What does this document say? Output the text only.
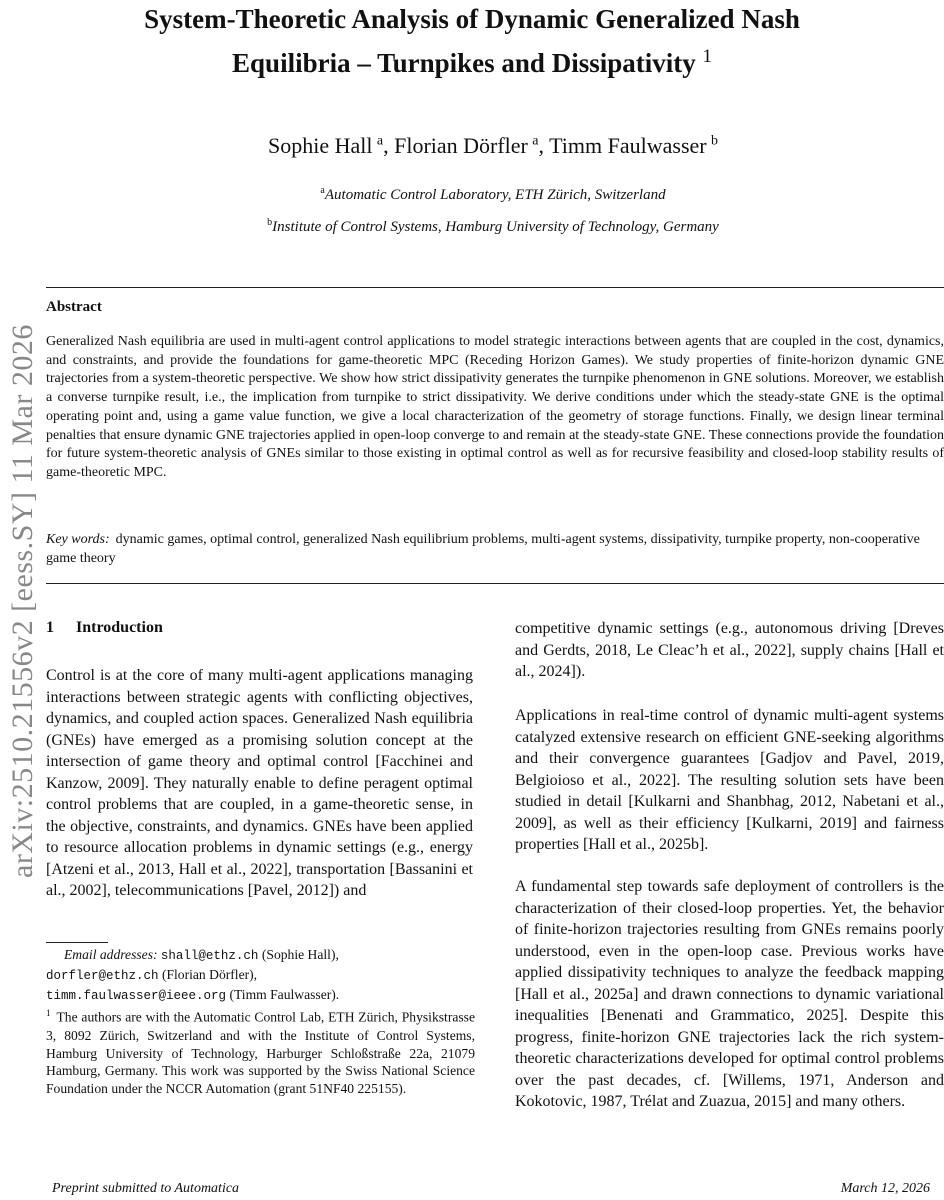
arXiv:2510.21556v2 [eess.SY] 11 Mar 2026
System-Theoretic Analysis of Dynamic Generalized Nash
Equilibria – Turnpikes and Dissipativity $^1$
Sophie Hall  $^a$, Florian Dörfler  $^a$, Timm Faulwasser  $^b$
$^a$Automatic Control Laboratory, ETH Zürich, Switzerland
$^b$Institute of Control Systems, Hamburg University of Technology, Germany
Abstract

Generalized Nash equilibria are used in multi-agent control applications to model strategic interactions between agents that are coupled in the cost, dynamics, and constraints, and provide the foundations for game-theoretic MPC (Receding Horizon Games). We study properties of finite-horizon dynamic GNE trajectories from a system-theoretic perspective. We show how strict dissipativity generates the turnpike phenomenon in GNE solutions. Moreover, we establish a converse turnpike result, i.e., the implication from turnpike to strict dissipativity. We derive conditions under which the steady-state GNE is the optimal operating point and, using a game value function, we give a local characterization of the geometry of storage functions. Finally, we design linear terminal penalties that ensure dynamic GNE trajectories applied in open-loop converge to and remain at the steady-state GNE. These connections provide the foundation for future system-theoretic analysis of GNEs similar to those existing in optimal control as well as for recursive feasibility and closed-loop stability results of game-theoretic MPC.

Key words: dynamic games, optimal control, generalized Nash equilibrium problems, multi-agent systems, dissipativity, turnpike property, non-cooperative game theory

1 Introduction

Control is at the core of many multi-agent applications managing interactions between strategic agents with conflicting objectives, dynamics, and coupled action spaces. Generalized Nash equilibria (GNEs) have emerged as a promising solution concept at the intersection of game theory and optimal control [Facchinei and Kanzow, 2009]. They naturally enable to define peragent optimal control problems that are coupled, in a game-theoretic sense, in the objective, constraints, and dynamics. GNEs have been applied to resource allocation problems in dynamic settings (e.g., energy [Atzeni et al., 2013, Hall et al., 2022], transportation [Bassanini et al., 2002], telecommunications [Pavel, 2012]) and

competitive dynamic settings (e.g., autonomous driving [Dreves and Gerdts, 2018, Le Cleac’h et al., 2022], supply chains [Hall et al., 2024]).

Applications in real-time control of dynamic multi-agent systems catalyzed extensive research on efficient GNE-seeking algorithms and their convergence guarantees [Gadjov and Pavel, 2019, Belgioioso et al., 2022]. The resulting solution sets have been studied in detail [Kulkarni and Shanbhag, 2012, Nabetani et al., 2009], as well as their efficiency [Kulkarni, 2019] and fairness properties [Hall et al., 2025b].

A fundamental step towards safe deployment of controllers is the characterization of their closed-loop properties. Yet, the behavior of finite-horizon trajectories resulting from GNEs remains poorly understood, even in the open-loop case. Previous works have applied dissipativity techniques to analyze the feedback mapping [Hall et al., 2025a] and drawn connections to dynamic variational inequalities [Benenati and Grammatico, 2025]. Despite this progress, finite-horizon GNE trajectories lack the rich system-theoretic characterizations developed for optimal control problems over the past decades, cf. [Willems, 1971, Anderson and Kokotovic, 1987, Trélat and Zuazua, 2015] and many others.

Email addresses: shall@ethz.ch (Sophie Hall),
dorfler@ethz.ch (Florian Dörfler),
timm.faulwasser@ieee.org (Timm Faulwasser).
$^1$ The authors are with the Automatic Control Lab, ETH Zürich, Physikstrasse 3, 8092 Zürich, Switzerland and with the Institute of Control Systems, Hamburg University of Technology, Harburger Schloßstraße 22a, 21079 Hamburg, Germany. This work was supported by the Swiss National Science Foundation under the NCCR Automation (grant 51NF40 225155).

Preprint submitted to Automatica	March 12, 2026
